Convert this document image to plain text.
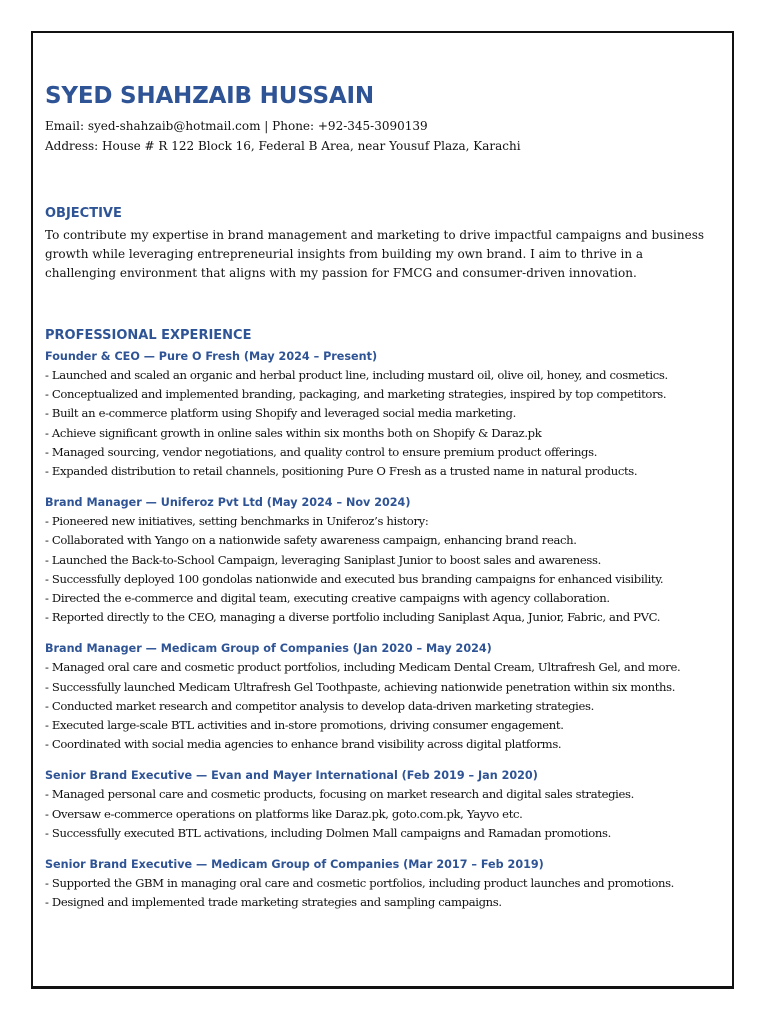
SYED SHAHZAIB HUSSAIN

Email: syed-shahzaib@hotmail.com | Phone: +92-345-3090139

Address: House # R 122 Block 16, Federal B Area, near Yousuf Plaza, Karachi

OBJECTIVE

To contribute my expertise in brand management and marketing to drive impactful campaigns and business growth while leveraging entrepreneurial insights from building my own brand. I aim to thrive in a challenging environment that aligns with my passion for FMCG and consumer-driven innovation.

PROFESSIONAL EXPERIENCE

Founder & CEO — Pure O Fresh (May 2024 – Present)

- Launched and scaled an organic and herbal product line, including mustard oil, olive oil, honey, and cosmetics.
- Conceptualized and implemented branding, packaging, and marketing strategies, inspired by top competitors.
- Built an e-commerce platform using Shopify and leveraged social media marketing.
- Achieve significant growth in online sales within six months both on Shopify & Daraz.pk
- Managed sourcing, vendor negotiations, and quality control to ensure premium product offerings.
- Expanded distribution to retail channels, positioning Pure O Fresh as a trusted name in natural products.

Brand Manager — Uniferoz Pvt Ltd (May 2024 – Nov 2024)

- Pioneered new initiatives, setting benchmarks in Uniferoz’s history:
- Collaborated with Yango on a nationwide safety awareness campaign, enhancing brand reach.
- Launched the Back-to-School Campaign, leveraging Saniplast Junior to boost sales and awareness.
- Successfully deployed 100 gondolas nationwide and executed bus branding campaigns for enhanced visibility.
- Directed the e-commerce and digital team, executing creative campaigns with agency collaboration.
- Reported directly to the CEO, managing a diverse portfolio including Saniplast Aqua, Junior, Fabric, and PVC.

Brand Manager — Medicam Group of Companies (Jan 2020 – May 2024)

- Managed oral care and cosmetic product portfolios, including Medicam Dental Cream, Ultrafresh Gel, and more.
- Successfully launched Medicam Ultrafresh Gel Toothpaste, achieving nationwide penetration within six months.
- Conducted market research and competitor analysis to develop data-driven marketing strategies.
- Executed large-scale BTL activities and in-store promotions, driving consumer engagement.
- Coordinated with social media agencies to enhance brand visibility across digital platforms.

Senior Brand Executive — Evan and Mayer International (Feb 2019 – Jan 2020)

- Managed personal care and cosmetic products, focusing on market research and digital sales strategies.
- Oversaw e-commerce operations on platforms like Daraz.pk, goto.com.pk, Yayvo etc.
- Successfully executed BTL activations, including Dolmen Mall campaigns and Ramadan promotions.

Senior Brand Executive — Medicam Group of Companies (Mar 2017 – Feb 2019)

- Supported the GBM in managing oral care and cosmetic portfolios, including product launches and promotions.
- Designed and implemented trade marketing strategies and sampling campaigns.
